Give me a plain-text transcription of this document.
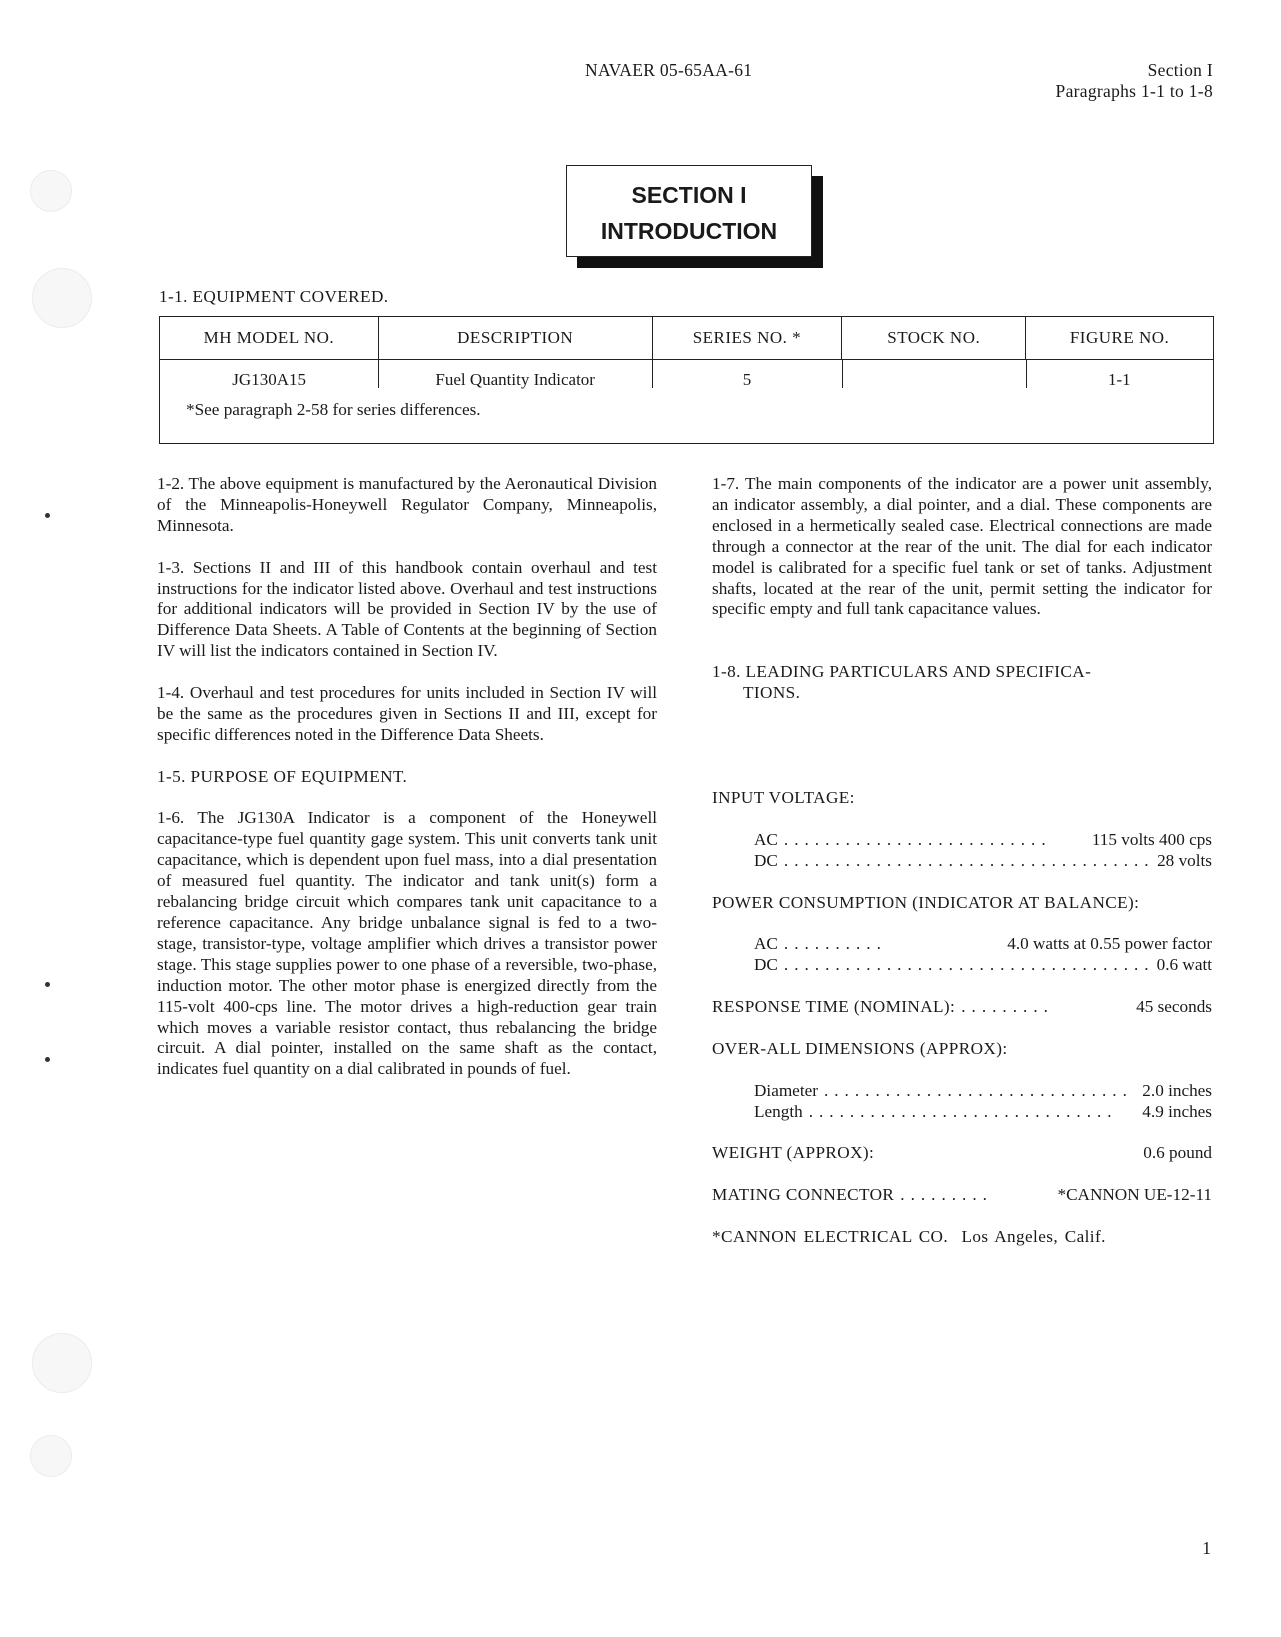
NAVAER 05-65AA-61	Section I
Paragraphs 1-1 to 1-8
SECTION I
INTRODUCTION
1-1. EQUIPMENT COVERED.
MH MODEL NO.	DESCRIPTION	SERIES NO. *	STOCK NO.	FIGURE NO.
JG130A15	Fuel Quantity Indicator	5		1-1
*See paragraph 2-58 for series differences.				

1-2. The above equipment is manufactured by the Aeronautical Division of the Minneapolis-Honeywell Regulator Company, Minneapolis, Minnesota.

1-3. Sections II and III of this handbook contain overhaul and test instructions for the indicator listed above. Overhaul and test instructions for additional indicators will be provided in Section IV by the use of Difference Data Sheets. A Table of Contents at the beginning of Section IV will list the indicators contained in Section IV.

1-4. Overhaul and test procedures for units included in Section IV will be the same as the procedures given in Sections II and III, except for specific differences noted in the Difference Data Sheets.

1-5. PURPOSE OF EQUIPMENT.

1-6. The JG130A Indicator is a component of the Honeywell capacitance-type fuel quantity gage system. This unit converts tank unit capacitance, which is dependent upon fuel mass, into a dial presentation of measured fuel quantity. The indicator and tank unit(s) form a rebalancing bridge circuit which compares tank unit capacitance to a reference capacitance. Any bridge unbalance signal is fed to a two-stage, transistor-type, voltage amplifier which drives a transistor power stage. This stage supplies power to one phase of a reversible, two-phase, induction motor. The other motor phase is energized directly from the 115-volt 400-cps line. The motor drives a high-reduction gear train which moves a variable resistor contact, thus rebalancing the bridge circuit. A dial pointer, installed on the same shaft as the contact, indicates fuel quantity on a dial calibrated in pounds of fuel.

1-7. The main components of the indicator are a power unit assembly, an indicator assembly, a dial pointer, and a dial. These components are enclosed in a hermetically sealed case. Electrical connections are made through a connector at the rear of the unit. The dial for each indicator model is calibrated for a specific fuel tank or set of tanks. Adjustment shafts, located at the rear of the unit, permit setting the indicator for specific empty and full tank capacitance values.

1-8. LEADING PARTICULARS AND SPECIFICA-

TIONS.

INPUT VOLTAGE:
AC ..........................	115 volts 400 cps
DC .................................... 28 volts
POWER CONSUMPTION (INDICATOR AT BALANCE):
AC ..........	4.0 watts at 0.55 power factor
DC .................................... 0.6 watt
RESPONSE TIME (NOMINAL): .........	45 seconds
OVER-ALL DIMENSIONS (APPROX):
Diameter .............................. 2.0 inches
Length ..............................	4.9 inches
WEIGHT (APPROX):	0.6 pound
MATING CONNECTOR .........	*CANNON UE-12-11
*CANNON ELECTRICAL CO.  Los Angeles, Calif.
1
